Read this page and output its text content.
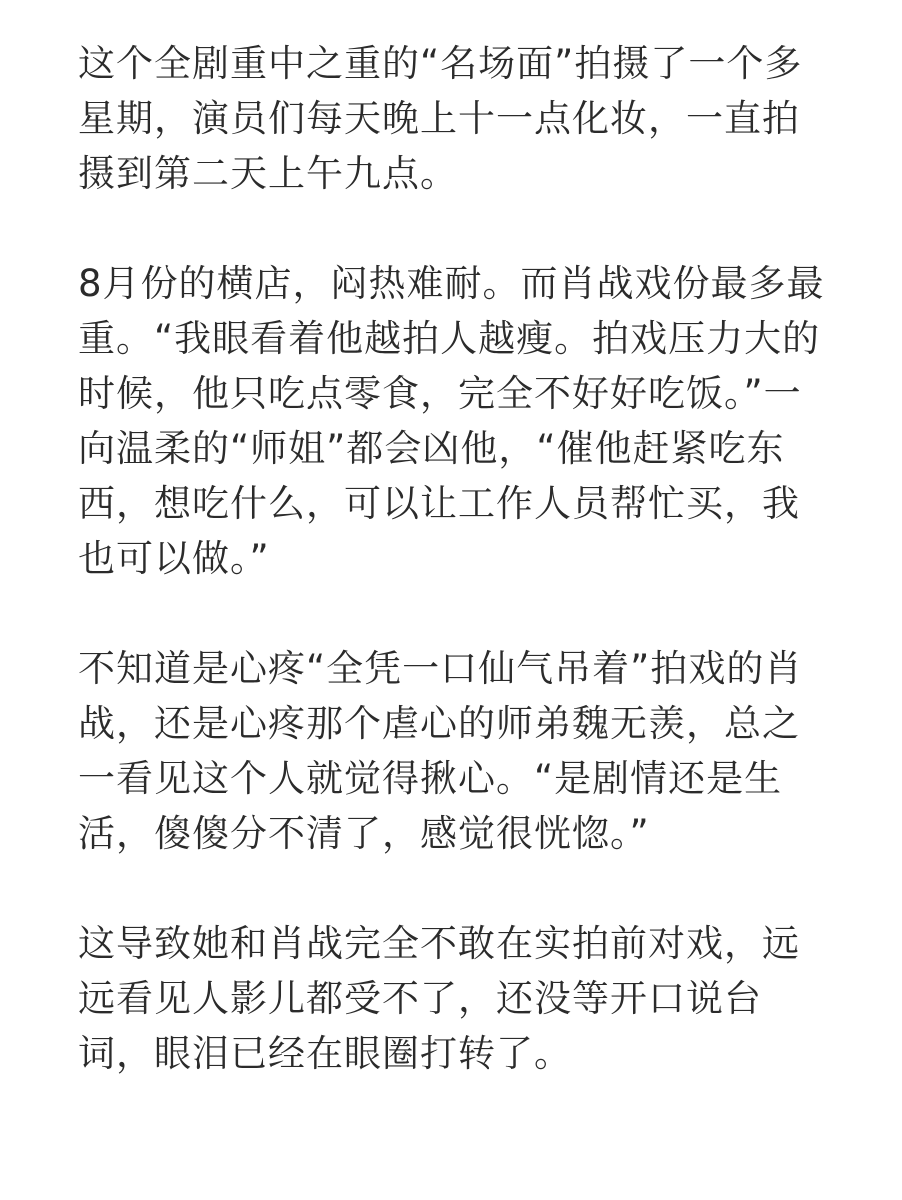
这个全剧重中之重的“名场面”拍摄了一个多
星期，演员们每天晚上十一点化妆，一直拍
摄到第二天上午九点。
8月份的横店，闷热难耐。而肖战戏份最多最
重。“我眼看着他越拍人越瘦。拍戏压力大的
时候，他只吃点零食，完全不好好吃饭。”一
向温柔的“师姐”都会凶他，“催他赶紧吃东
西，想吃什么，可以让工作人员帮忙买，我
也可以做。”
不知道是心疼“全凭一口仙气吊着”拍戏的肖
战，还是心疼那个虐心的师弟魏无羡，总之
一看见这个人就觉得揪心。“是剧情还是生
活，傻傻分不清了，感觉很恍惚。”
这导致她和肖战完全不敢在实拍前对戏，远
远看见人影儿都受不了，还没等开口说台
词，眼泪已经在眼圈打转了。
